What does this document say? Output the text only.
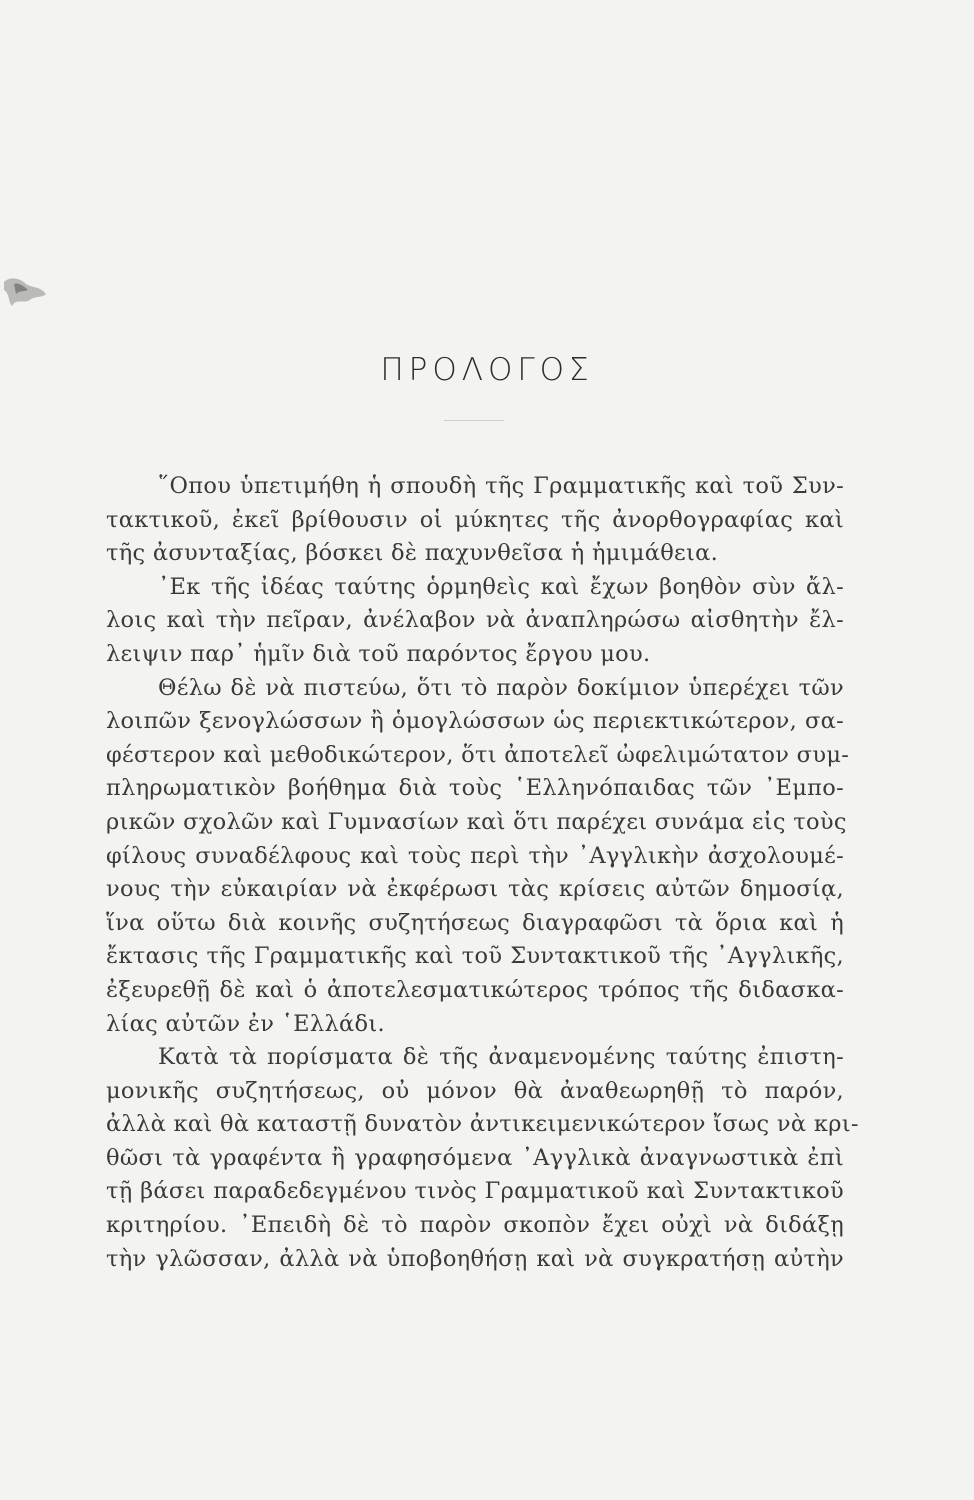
ΠΡΟΛΟΓΟΣ
῞Οπου ὑπετιμήθη ἡ σπουδὴ τῆς Γραμματικῆς καὶ τοῦ Συν-
τακτικοῦ, ἐκεῖ βρίθουσιν οἱ μύκητες τῆς ἀνορθογραφίας καὶ
τῆς ἀσυνταξίας, βόσκει δὲ παχυνθεῖσα ἡ ἡμιμάθεια.
᾿Εκ τῆς ἰδέας ταύτης ὁρμηθεὶς καὶ ἔχων βοηθὸν σὺν ἄλ-
λοις καὶ τὴν πεῖραν, ἀνέλαβον νὰ ἀναπληρώσω αἰσθητὴν ἔλ-
λειψιν παρ᾿ ἡμῖν διὰ τοῦ παρόντος ἔργου μου.
Θέλω δὲ νὰ πιστεύω, ὅτι τὸ παρὸν δοκίμιον ὑπερέχει τῶν
λοιπῶν ξενογλώσσων ἢ ὁμογλώσσων ὡς περιεκτικώτερον, σα-
φέστερον καὶ μεθοδικώτερον, ὅτι ἀποτελεῖ ὠφελιμώτατον συμ-
πληρωματικὸν βοήθημα διὰ τοὺς ῾Ελληνόπαιδας τῶν ᾿Εμπο-
ρικῶν σχολῶν καὶ Γυμνασίων καὶ ὅτι παρέχει συνάμα εἰς τοὺς
φίλους συναδέλφους καὶ τοὺς περὶ τὴν ᾿Αγγλικὴν ἀσχολουμέ-
νους τὴν εὐκαιρίαν νὰ ἐκφέρωσι τὰς κρίσεις αὐτῶν δημοσίᾳ,
ἵνα οὕτω διὰ κοινῆς συζητήσεως διαγραφῶσι τὰ ὅρια καὶ ἡ
ἔκτασις τῆς Γραμματικῆς καὶ τοῦ Συντακτικοῦ τῆς ᾿Αγγλικῆς,
ἐξευρεθῇ δὲ καὶ ὁ ἀποτελεσματικώτερος τρόπος τῆς διδασκα-
λίας αὐτῶν ἐν ῾Ελλάδι.
Κατὰ τὰ πορίσματα δὲ τῆς ἀναμενομένης ταύτης ἐπιστη-
μονικῆς συζητήσεως, οὐ μόνον θὰ ἀναθεωρηθῇ τὸ παρόν,
ἀλλὰ καὶ θὰ καταστῇ δυνατὸν ἀντικειμενικώτερον ἴσως νὰ κρι-
θῶσι τὰ γραφέντα ἢ γραφησόμενα ᾿Αγγλικὰ ἀναγνωστικὰ ἐπὶ
τῇ βάσει παραδεδεγμένου τινὸς Γραμματικοῦ καὶ Συντακτικοῦ
κριτηρίου. ᾿Επειδὴ δὲ τὸ παρὸν σκοπὸν ἔχει οὐχὶ νὰ διδάξῃ
τὴν γλῶσσαν, ἀλλὰ νὰ ὑποβοηθήσῃ καὶ νὰ συγκρατήσῃ αὐτὴν
